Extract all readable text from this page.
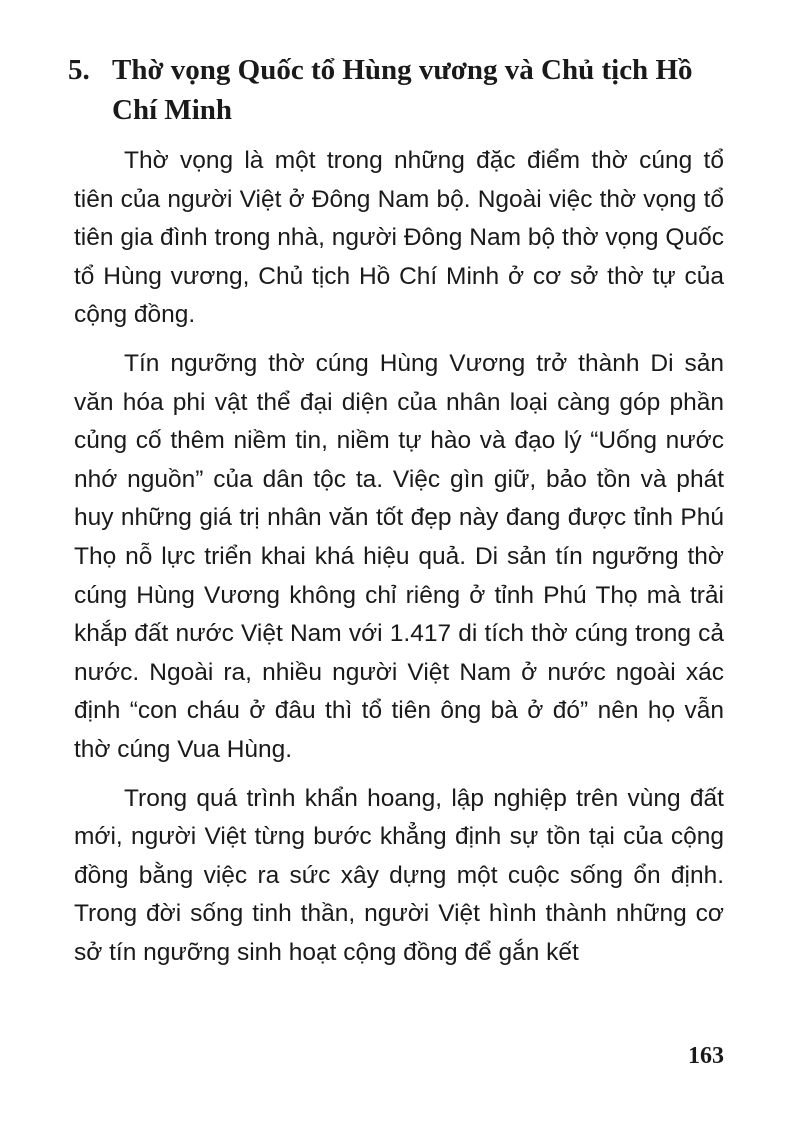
5. Thờ vọng Quốc tổ Hùng vương và Chủ tịch Hồ Chí Minh

Thờ vọng là một trong những đặc điểm thờ cúng tổ tiên của người Việt ở Đông Nam bộ. Ngoài việc thờ vọng tổ tiên gia đình trong nhà, người Đông Nam bộ thờ vọng Quốc tổ Hùng vương, Chủ tịch Hồ Chí Minh ở cơ sở thờ tự của cộng đồng.

Tín ngưỡng thờ cúng Hùng Vương trở thành Di sản văn hóa phi vật thể đại diện của nhân loại càng góp phần củng cố thêm niềm tin, niềm tự hào và đạo lý “Uống nước nhớ nguồn” của dân tộc ta. Việc gìn giữ, bảo tồn và phát huy những giá trị nhân văn tốt đẹp này đang được tỉnh Phú Thọ nỗ lực triển khai khá hiệu quả. Di sản tín ngưỡng thờ cúng Hùng Vương không chỉ riêng ở tỉnh Phú Thọ mà trải khắp đất nước Việt Nam với 1.417 di tích thờ cúng trong cả nước. Ngoài ra, nhiều người Việt Nam ở nước ngoài xác định “con cháu ở đâu thì tổ tiên ông bà ở đó” nên họ vẫn thờ cúng Vua Hùng.

Trong quá trình khẩn hoang, lập nghiệp trên vùng đất mới, người Việt từng bước khẳng định sự tồn tại của cộng đồng bằng việc ra sức xây dựng một cuộc sống ổn định. Trong đời sống tinh thần, người Việt hình thành những cơ sở tín ngưỡng sinh hoạt cộng đồng để gắn kết

163
